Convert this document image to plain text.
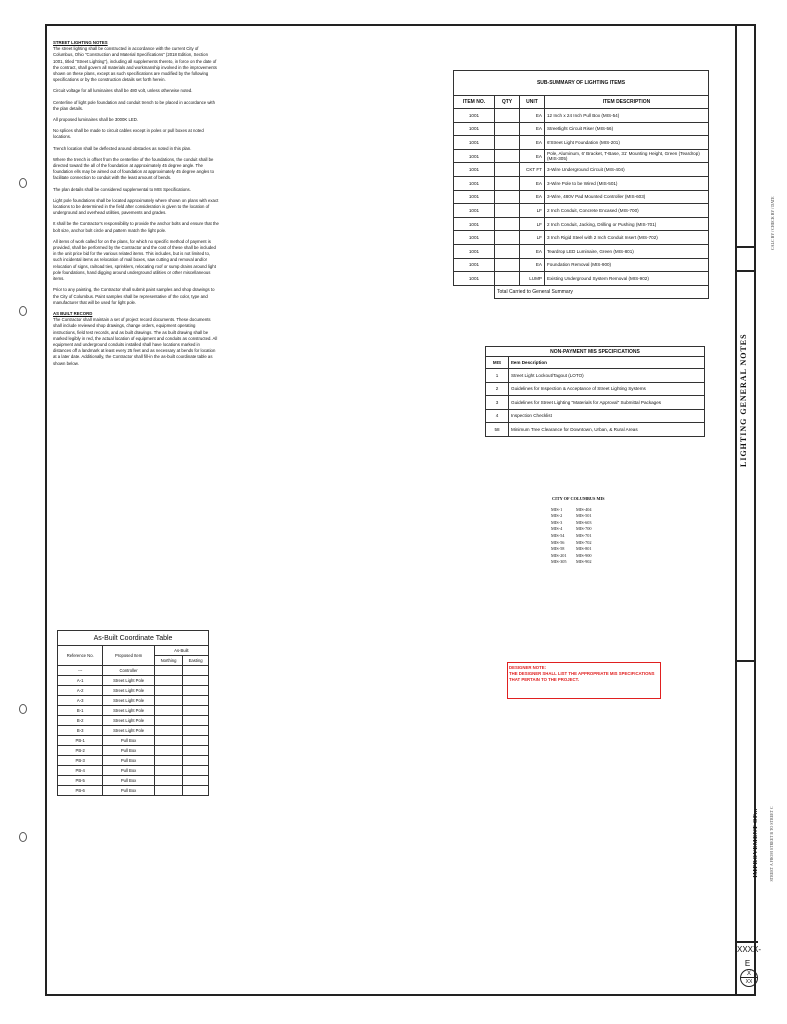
STREET LIGHTING NOTES

The street lighting shall be constructed in accordance with the current City of Columbus, Ohio "Construction and Material Specifications" (2018 Edition, Section 1001, titled "Street Lighting"), including all supplements thereto, in force on the date of the contract, shall govern all materials and workmanship involved in the improvements shown on these plans, except as such specifications are modified by the following specifications or by the construction details set forth herein.

Circuit voltage for all luminaires shall be 480 volt, unless otherwise noted.

Centerline of light pole foundation and conduit trench to be placed in accordance with the plan details.

All proposed luminaires shall be 3000K LED.

No splices shall be made to circuit cables except in poles or pull boxes at noted locations.

Trench location shall be deflected around obstacles as noted in this plan.

Where the trench is offset from the centerline of the foundations, the conduit shall be directed toward the all of the foundation at approximately 45 degree angle. The foundation ells may be aimed out of foundation at approximately 45 degree angles to facilitate connection to conduit with the least amount of bends.

The plan details shall be considered supplemental to MIS Specifications.

Light pole foundations shall be located approximately where shown on plans with exact locations to be determined in the field after consideration is given to the location of underground and overhead utilities, pavements and grades.

It shall be the Contractor's responsibility to provide the anchor bolts and ensure that the bolt size, anchor bolt circle and pattern match the light pole.

All items of work called for on the plans, for which no specific method of payment is provided, shall be performed by the Contractor and the cost of these shall be included in the unit price bid for the various related items. This includes, but is not limited to, such incidental items as relocation of mail boxes, saw cutting and removal and/or relocation of signs, railroad ties, sprinklers, relocating roof or sump drains around light pole foundations, hand digging around underground utilities or other miscellaneous items.

Prior to any painting, the Contractor shall submit paint samples and shop drawings to the City of Columbus. Paint samples shall be representative of the color, type and manufacturer that will be used for light pole.

AS BUILT RECORD

The Contractor shall maintain a set of project record documents. These documents shall include reviewed shop drawings, change orders, equipment operating instructions, field test records, and as built drawings. The as built drawing shall be marked legibly in red, the actual location of equipment and conduits as constructed. All equipment and underground conduits installed shall have locations marked in distances off a landmark at least every 25 feet and as necessary at bends for location at a later date. Additionally, the Contractor shall fill-in the as-built coordinate table as shown below.

As-Built Coordinate Table			
Reference No.	Proposed Item	As-Built	
		Northing	Easting
---	Controller		
A-1	Street Light Pole		
A-2	Street Light Pole		
A-3	Street Light Pole		
B-1	Street Light Pole		
B-2	Street Light Pole		
B-3	Street Light Pole		
PB-1	Pull Box		
PB-2	Pull Box		
PB-3	Pull Box		
PB-4	Pull Box		
PB-5	Pull Box		
PB-6	Pull Box		
SUB-SUMMARY OF LIGHTING ITEMS			
ITEM NO.	QTY	UNIT	ITEM DESCRIPTION
1001		EA	12 Inch x 24 Inch Pull Box (MIS-54)
1001		EA	Streetlight Circuit Riser (MIS-56)
1001		EA	6'Street Light Foundation (MIS-201)
1001		EA	Pole, Aluminum, 6' Bracket, T-Base, 31' Mounting Height, Green (Teardrop) (MIS-305)
1001		CKT FT	3-Wire Underground Circuit (MIS-404)
1001		EA	3-Wire Pole to be Wired (MIS-501)
1001		EA	3-Wire, 480V Pad Mounted Controller (MIS-603)
1001		LF	2 Inch Conduit, Concrete Encased (MIS-700)
1001		LF	2 Inch Conduit, Jacking, Drilling or Pushing (MIS-701)
1001		LF	3 Inch Rigid Steel with 2 Inch Conduit Insert (MIS-702)
1001		EA	Teardrop LED Luminaire, Green (MIS-801)
1001		EA	Foundation Removal (MIS-900)
1001		LUMP	Existing Underground System Removal (MIS-902)
	Total Carried to General Summary		
NON-PAYMENT MIS SPECIFICATIONS	
MIS	Item Description
1	Street Light Lockout/Tagout (LOTO)
2	Guidelines for Inspection & Acceptance of Street Lighting Systems
3	Guidelines for Street Lighting "Materials for Approval" Submittal Packages
4	Inspection Checklist
58	Minimum Tree Clearance for Downtown, Urban, & Rural Areas
CITY OF COLUMBUS MIS
MIS-1	MIS-404
MIS-2	MIS-501
MIS-3	MIS-603
MIS-4	MIS-700
MIS-54	MIS-701
MIS-56	MIS-702
MIS-58	MIS-801
MIS-201	MIS-900
MIS-305	MIS-902
DESIGNER NOTE:
THE DESIGNER SHALL LIST THE APPROPRIATE MIS SPECIFICATIONS THAT PERTAIN TO THE PROJECT.
CALC BY / CHECK BY / DATE
LIGHTING GENERAL NOTES
IMPROVEMENT OF...	STREET A FROM STREET B TO STREET C
XXXX-E
X
XX
